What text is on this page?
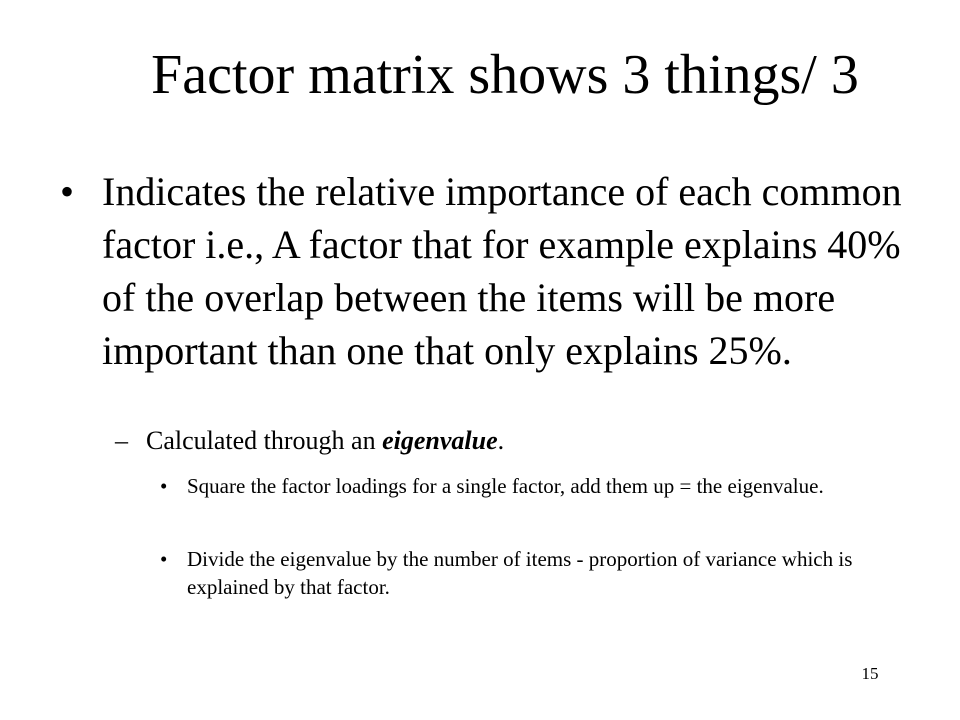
Factor matrix shows 3 things/ 3
• Indicates the relative importance of each common factor i.e., A factor that for example explains 40% of the overlap between the items will be more important than one that only explains 25%.
– Calculated through an eigenvalue.
• Square the factor loadings for a single factor, add them up = the eigenvalue.
• Divide the eigenvalue by the number of items - proportion of variance which is explained by that factor.
15
